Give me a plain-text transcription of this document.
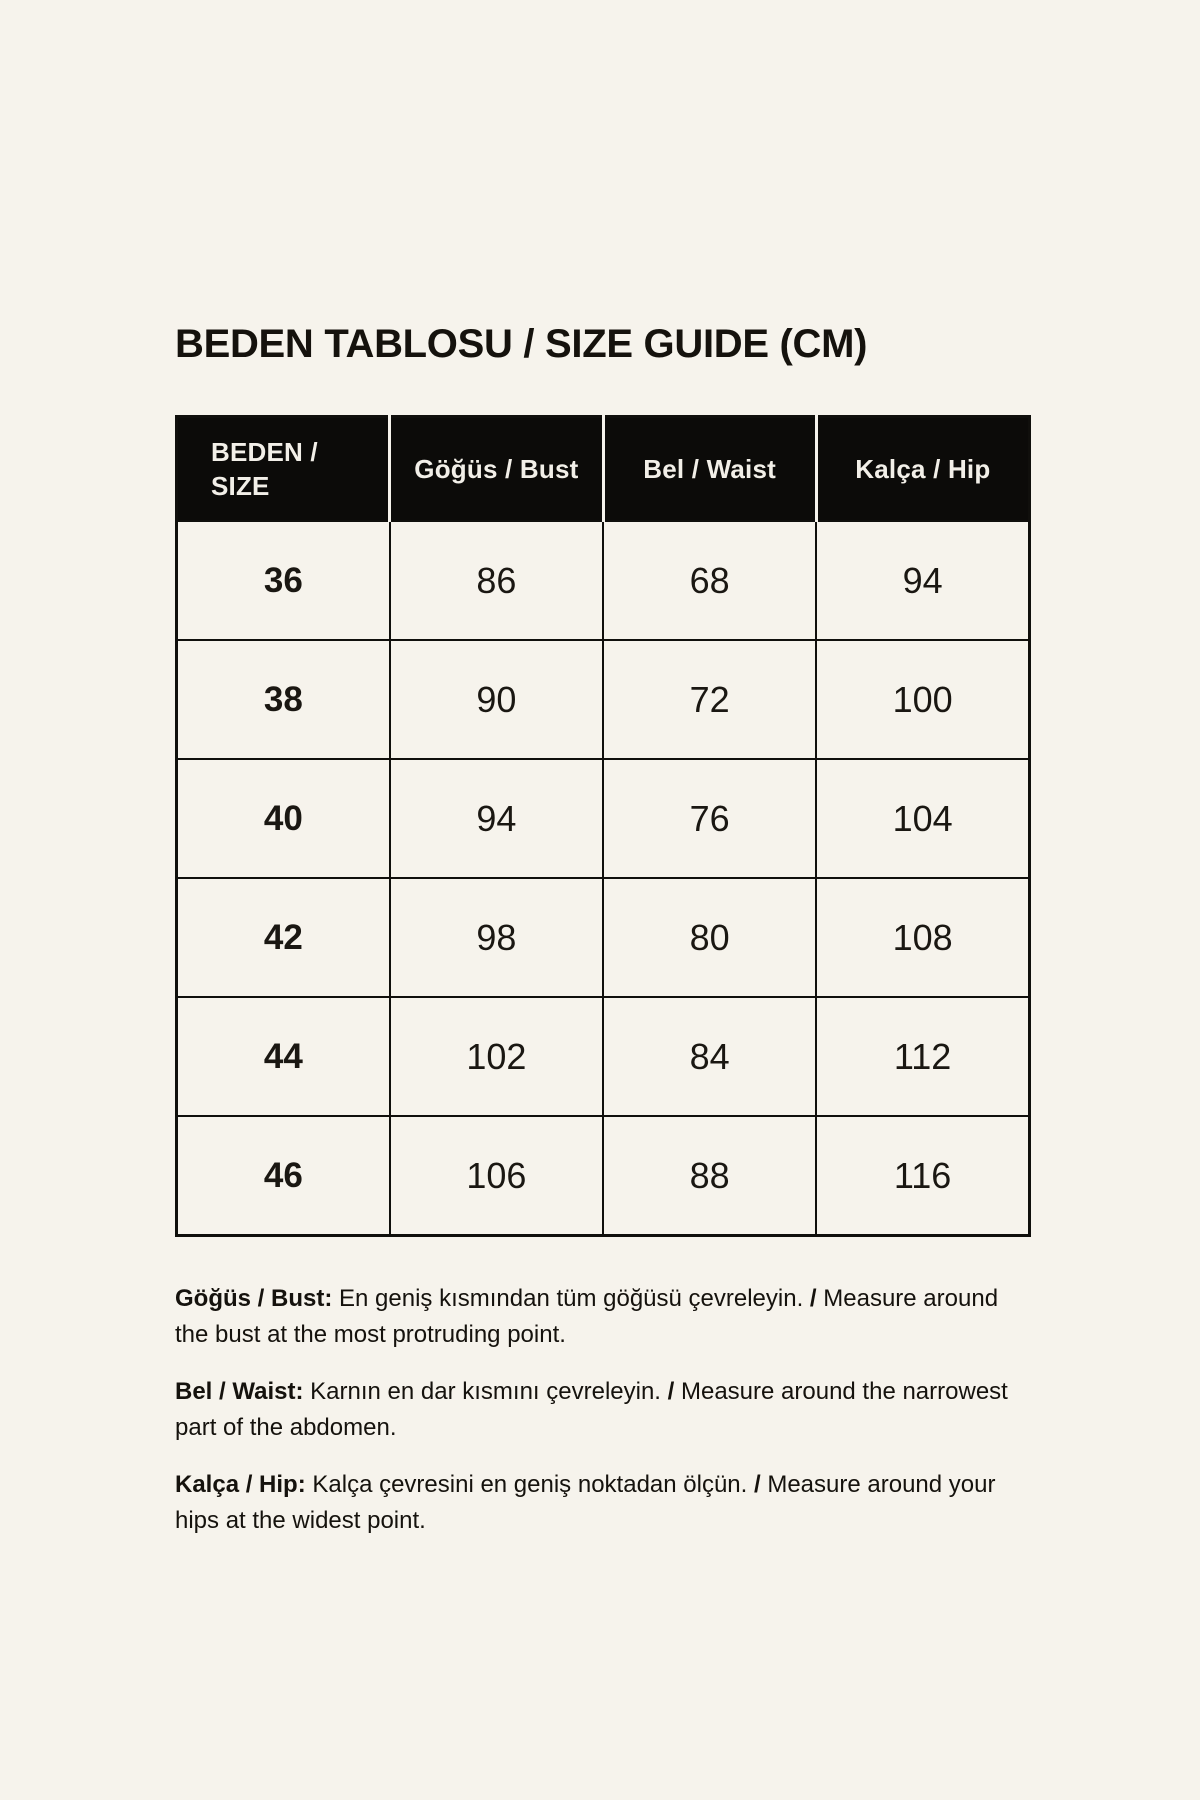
BEDEN TABLOSU / SIZE GUIDE (CM)
BEDEN /
SIZE	Göğüs / Bust	Bel / Waist	Kalça / Hip
36	86	68	94
38	90	72	100
40	94	76	104
42	98	80	108
44	102	84	112
46	106	88	116

Göğüs / Bust: En geniş kısmından tüm göğüsü çevreleyin. / Measure around the bust at the most protruding point.

Bel / Waist: Karnın en dar kısmını çevreleyin. / Measure around the narrowest part of the abdomen.

Kalça / Hip: Kalça çevresini en geniş noktadan ölçün. / Measure around your hips at the widest point.
